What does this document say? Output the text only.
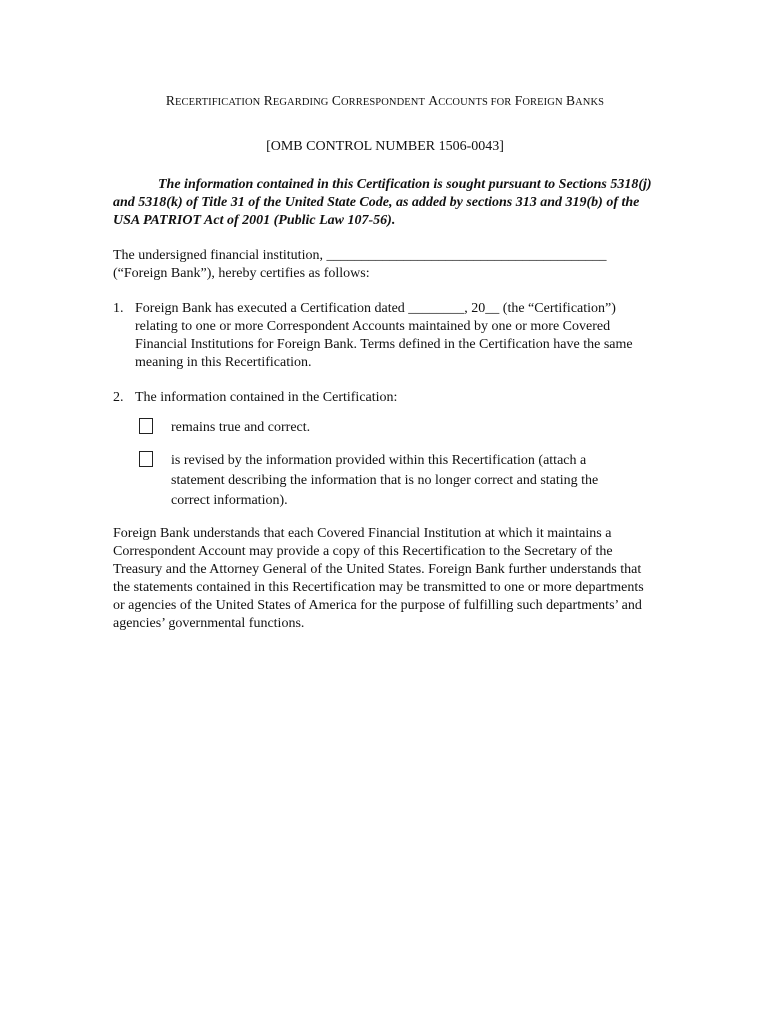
RECERTIFICATION REGARDING CORRESPONDENT ACCOUNTS FOR FOREIGN BANKS
[OMB CONTROL NUMBER 1506-0043]
The information contained in this Certification is sought pursuant to Sections 5318(j) and 5318(k) of Title 31 of the United State Code, as added by sections 313 and 319(b) of the USA PATRIOT Act of 2001 (Public Law 107-56).
The undersigned financial institution, ________________________________________
(“Foreign Bank”), hereby certifies as follows:
1. Foreign Bank has executed a Certification dated ________, 20__ (the “Certification”) relating to one or more Correspondent Accounts maintained by one or more Covered Financial Institutions for Foreign Bank. Terms defined in the Certification have the same meaning in this Recertification.
2. The information contained in the Certification:
remains true and correct.
is revised by the information provided within this Recertification (attach a statement describing the information that is no longer correct and stating the correct information).
Foreign Bank understands that each Covered Financial Institution at which it maintains a Correspondent Account may provide a copy of this Recertification to the Secretary of the Treasury and the Attorney General of the United States. Foreign Bank further understands that the statements contained in this Recertification may be transmitted to one or more departments or agencies of the United States of America for the purpose of fulfilling such departments’ and agencies’ governmental functions.
